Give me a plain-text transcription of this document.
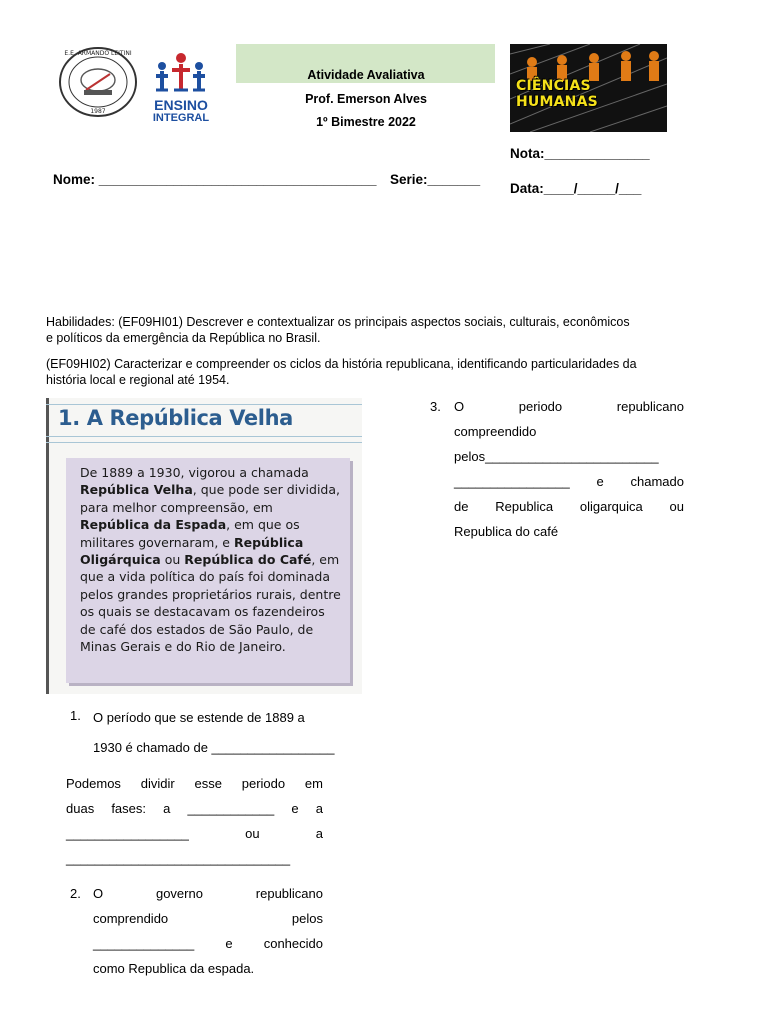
E.E. ARMANDO LEITINI
1987	ENSINO
INTEGRAL
Atividade Avaliativa
Prof. Emerson Alves
1º Bimestre 2022
CIÊNCIAS HUMANAS
Nota:______________
Data:____/_____/___
Nome: _____________________________________ Serie:_______
Habilidades: (EF09HI01) Descrever e contextualizar os principais aspectos sociais, culturais, econômicos
e políticos da emergência da República no Brasil.
(EF09HI02) Caracterizar e compreender os ciclos da história republicana, identificando particularidades da
história local e regional até 1954.
1. A República Velha
De 1889 a 1930, vigorou a chamada República Velha, que pode ser dividida, para melhor compreensão, em República da Espada, em que os militares governaram, e República Oligárquica ou República do Café, em que a vida política do país foi dominada pelos grandes proprietários rurais, dentre os quais se destacavam os fazendeiros de café dos estados de São Paulo, de Minas Gerais e do Rio de Janeiro.
1. O período que se estende de 1889 a
1930 é chamado de _________________
Podemos dividir esse periodo em
duas fases: a ____________ e a
_________________	ou	a
_______________________________
2. O governo republicano
comprendido pelos
______________ e conhecido
como Republica da espada.
3. O periodo republicano
compreendido
pelos________________________
________________ e chamado
de Republica oligarquica ou
Republica do café
